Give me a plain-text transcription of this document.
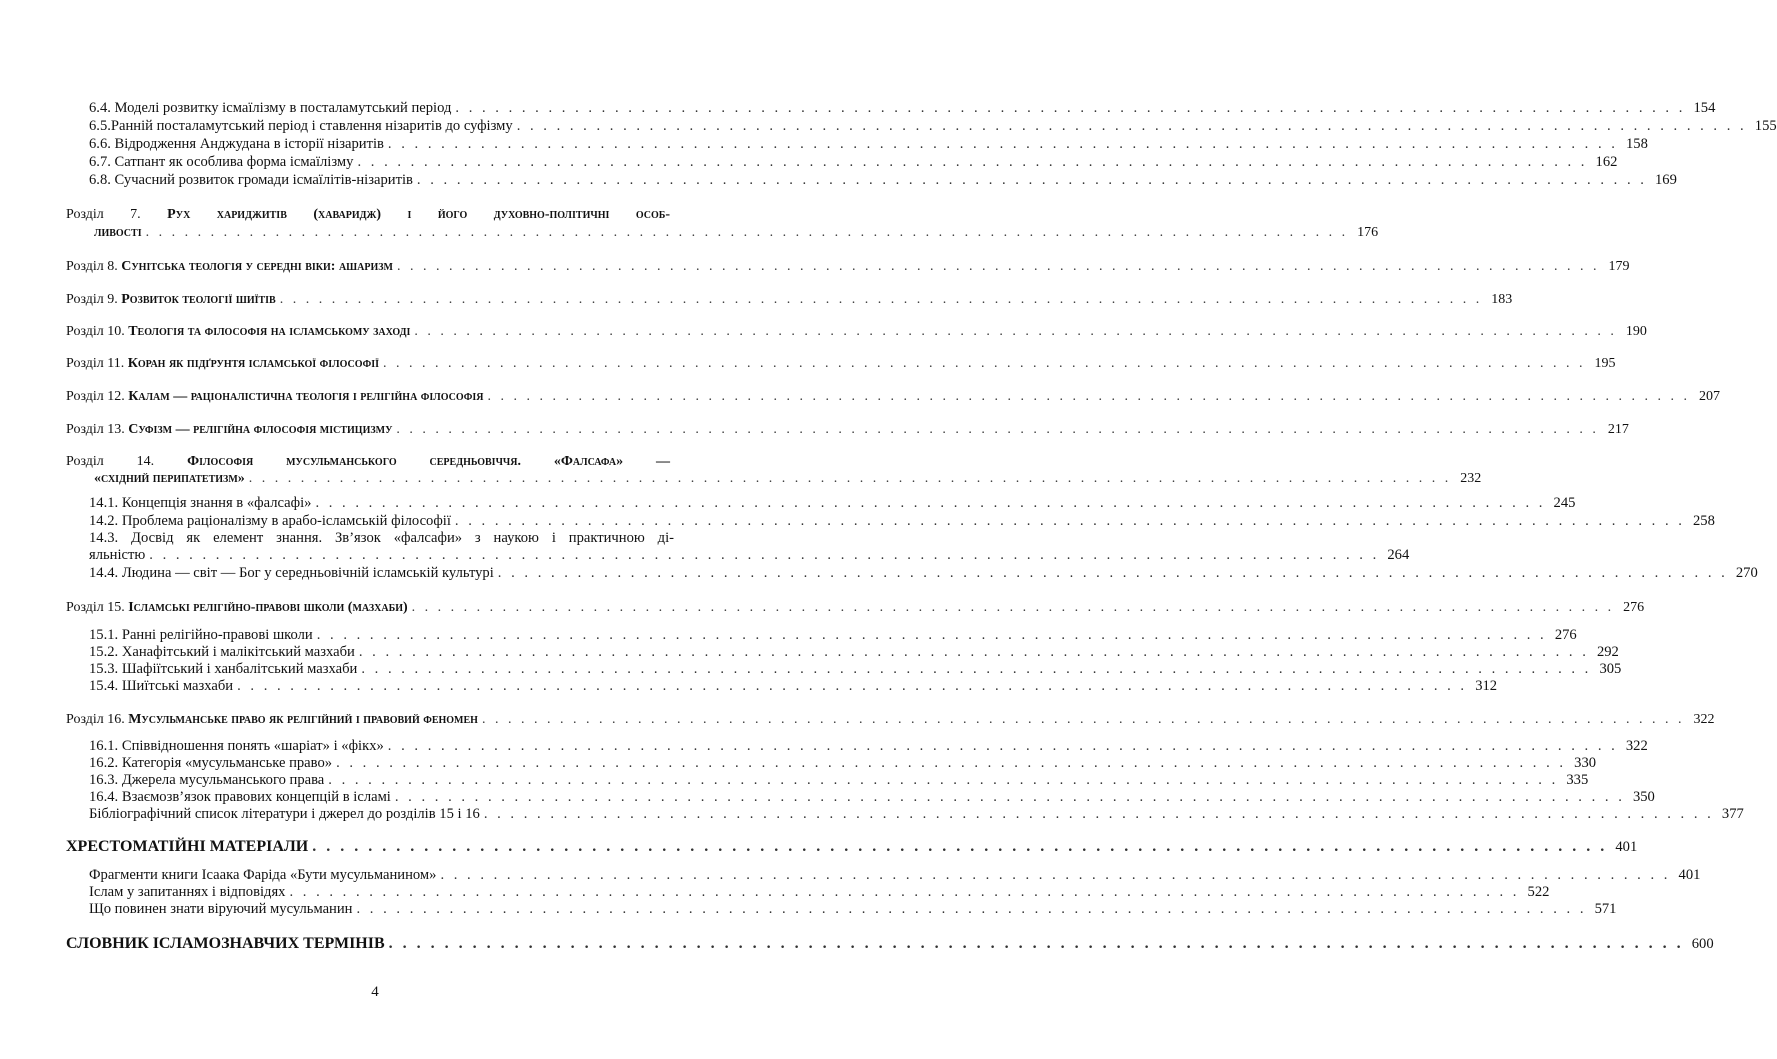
6.4. Моделі розвитку ісмаїлізму в посталамутський період . . . . . . . . . . . . . . . . . . . . . . . . . . . . . . . . . . . . . . . . . . . . . . . . . . . . . . . . . . . . . . . . . . . . . . . . . . . . . . . . . . . . . . . . . . . . . 154
6.5.Ранній посталамутський період і ставлення нізаритів до суфізму . . . . . . . . . . . . . . . . . . . . . . . . . . . . . . . . . . . . . . . . . . . . . . . . . . . . . . . . . . . . . . . . . . . . . . . . . . . . . . . . . . . . . . . . . . . . . 155
6.6. Відродження Анджудана в історії нізаритів . . . . . . . . . . . . . . . . . . . . . . . . . . . . . . . . . . . . . . . . . . . . . . . . . . . . . . . . . . . . . . . . . . . . . . . . . . . . . . . . . . . . . . . . . . . . . 158
6.7. Сатпант як особлива форма ісмаїлізму . . . . . . . . . . . . . . . . . . . . . . . . . . . . . . . . . . . . . . . . . . . . . . . . . . . . . . . . . . . . . . . . . . . . . . . . . . . . . . . . . . . . . . . . . . . . . 162
6.8. Сучасний розвиток громади ісмаїлітів-нізаритів . . . . . . . . . . . . . . . . . . . . . . . . . . . . . . . . . . . . . . . . . . . . . . . . . . . . . . . . . . . . . . . . . . . . . . . . . . . . . . . . . . . . . . . . . . . . . 169
Розділ 7. Рух хариджитів (хаваридж) і його духовно-політичні особ-
ливості . . . . . . . . . . . . . . . . . . . . . . . . . . . . . . . . . . . . . . . . . . . . . . . . . . . . . . . . . . . . . . . . . . . . . . . . . . . . . . . . . . . . . . . . . . . . . 176
Розділ 8. Сунітська теологія у середні віки: ашаризм . . . . . . . . . . . . . . . . . . . . . . . . . . . . . . . . . . . . . . . . . . . . . . . . . . . . . . . . . . . . . . . . . . . . . . . . . . . . . . . . . . . . . . . . . . . . . 179
Розділ 9. Розвиток теології шиїтів . . . . . . . . . . . . . . . . . . . . . . . . . . . . . . . . . . . . . . . . . . . . . . . . . . . . . . . . . . . . . . . . . . . . . . . . . . . . . . . . . . . . . . . . . . . . . 183
Розділ 10. Теологія та філософія на ісламському заході . . . . . . . . . . . . . . . . . . . . . . . . . . . . . . . . . . . . . . . . . . . . . . . . . . . . . . . . . . . . . . . . . . . . . . . . . . . . . . . . . . . . . . . . . . . . . 190
Розділ 11. Коран як підґрунтя ісламської філософії . . . . . . . . . . . . . . . . . . . . . . . . . . . . . . . . . . . . . . . . . . . . . . . . . . . . . . . . . . . . . . . . . . . . . . . . . . . . . . . . . . . . . . . . . . . . . 195
Розділ 12. Калам — раціоналістична теологія і релігійна філософія . . . . . . . . . . . . . . . . . . . . . . . . . . . . . . . . . . . . . . . . . . . . . . . . . . . . . . . . . . . . . . . . . . . . . . . . . . . . . . . . . . . . . . . . . . . . . 207
Розділ 13. Суфізм — релігійна філософія містицизму . . . . . . . . . . . . . . . . . . . . . . . . . . . . . . . . . . . . . . . . . . . . . . . . . . . . . . . . . . . . . . . . . . . . . . . . . . . . . . . . . . . . . . . . . . . . . 217
Розділ 14. Філософія мусульманського середньовіччя. «Фалсафа» —
«східний перипатетизм» . . . . . . . . . . . . . . . . . . . . . . . . . . . . . . . . . . . . . . . . . . . . . . . . . . . . . . . . . . . . . . . . . . . . . . . . . . . . . . . . . . . . . . . . . . . . . 232
14.1. Концепція знання в «фалсафі» . . . . . . . . . . . . . . . . . . . . . . . . . . . . . . . . . . . . . . . . . . . . . . . . . . . . . . . . . . . . . . . . . . . . . . . . . . . . . . . . . . . . . . . . . . . . . 245
14.2. Проблема раціоналізму в арабо-ісламській філософії . . . . . . . . . . . . . . . . . . . . . . . . . . . . . . . . . . . . . . . . . . . . . . . . . . . . . . . . . . . . . . . . . . . . . . . . . . . . . . . . . . . . . . . . . . . . . 258
14.3. Досвід як елемент знання. Зв’язок «фалсафи» з наукою і практичною ді-
яльністю . . . . . . . . . . . . . . . . . . . . . . . . . . . . . . . . . . . . . . . . . . . . . . . . . . . . . . . . . . . . . . . . . . . . . . . . . . . . . . . . . . . . . . . . . . . . . 264
14.4. Людина — світ — Бог у середньовічній ісламській культурі . . . . . . . . . . . . . . . . . . . . . . . . . . . . . . . . . . . . . . . . . . . . . . . . . . . . . . . . . . . . . . . . . . . . . . . . . . . . . . . . . . . . . . . . . . . . . 270
Розділ 15. Ісламські релігійно-правові школи (мазхаби) . . . . . . . . . . . . . . . . . . . . . . . . . . . . . . . . . . . . . . . . . . . . . . . . . . . . . . . . . . . . . . . . . . . . . . . . . . . . . . . . . . . . . . . . . . . . . 276
15.1. Ранні релігійно-правові школи . . . . . . . . . . . . . . . . . . . . . . . . . . . . . . . . . . . . . . . . . . . . . . . . . . . . . . . . . . . . . . . . . . . . . . . . . . . . . . . . . . . . . . . . . . . . . 276
15.2. Ханафітський і малікітський мазхаби . . . . . . . . . . . . . . . . . . . . . . . . . . . . . . . . . . . . . . . . . . . . . . . . . . . . . . . . . . . . . . . . . . . . . . . . . . . . . . . . . . . . . . . . . . . . . 292
15.3. Шафіїтський і ханбалітський мазхаби . . . . . . . . . . . . . . . . . . . . . . . . . . . . . . . . . . . . . . . . . . . . . . . . . . . . . . . . . . . . . . . . . . . . . . . . . . . . . . . . . . . . . . . . . . . . . 305
15.4. Шиїтські мазхаби . . . . . . . . . . . . . . . . . . . . . . . . . . . . . . . . . . . . . . . . . . . . . . . . . . . . . . . . . . . . . . . . . . . . . . . . . . . . . . . . . . . . . . . . . . . . . 312
Розділ 16. Мусульманське право як релігійний і правовий феномен . . . . . . . . . . . . . . . . . . . . . . . . . . . . . . . . . . . . . . . . . . . . . . . . . . . . . . . . . . . . . . . . . . . . . . . . . . . . . . . . . . . . . . . . . . . . . 322
16.1. Співвідношення понять «шаріат» і «фікх» . . . . . . . . . . . . . . . . . . . . . . . . . . . . . . . . . . . . . . . . . . . . . . . . . . . . . . . . . . . . . . . . . . . . . . . . . . . . . . . . . . . . . . . . . . . . . 322
16.2. Категорія «мусульманське право» . . . . . . . . . . . . . . . . . . . . . . . . . . . . . . . . . . . . . . . . . . . . . . . . . . . . . . . . . . . . . . . . . . . . . . . . . . . . . . . . . . . . . . . . . . . . . 330
16.3. Джерела мусульманського права . . . . . . . . . . . . . . . . . . . . . . . . . . . . . . . . . . . . . . . . . . . . . . . . . . . . . . . . . . . . . . . . . . . . . . . . . . . . . . . . . . . . . . . . . . . . . 335
16.4. Взаємозв’язок правових концепцій в ісламі . . . . . . . . . . . . . . . . . . . . . . . . . . . . . . . . . . . . . . . . . . . . . . . . . . . . . . . . . . . . . . . . . . . . . . . . . . . . . . . . . . . . . . . . . . . . . 350
Бібліографічний список літератури і джерел до розділів 15 і 16 . . . . . . . . . . . . . . . . . . . . . . . . . . . . . . . . . . . . . . . . . . . . . . . . . . . . . . . . . . . . . . . . . . . . . . . . . . . . . . . . . . . . . . . . . . . . . 377
ХРЕСТОМАТІЙНІ МАТЕРІАЛИ . . . . . . . . . . . . . . . . . . . . . . . . . . . . . . . . . . . . . . . . . . . . . . . . . . . . . . . . . . . . . . . . . . . . . . . . . . . . . . . . . . . . . . . . . . . . . 401
Фрагменти книги Ісаака Фаріда «Бути мусульманином» . . . . . . . . . . . . . . . . . . . . . . . . . . . . . . . . . . . . . . . . . . . . . . . . . . . . . . . . . . . . . . . . . . . . . . . . . . . . . . . . . . . . . . . . . . . . . 401
Іслам у запитаннях і відповідях . . . . . . . . . . . . . . . . . . . . . . . . . . . . . . . . . . . . . . . . . . . . . . . . . . . . . . . . . . . . . . . . . . . . . . . . . . . . . . . . . . . . . . . . . . . . . 522
Що повинен знати віруючий мусульманин . . . . . . . . . . . . . . . . . . . . . . . . . . . . . . . . . . . . . . . . . . . . . . . . . . . . . . . . . . . . . . . . . . . . . . . . . . . . . . . . . . . . . . . . . . . . . 571
СЛОВНИК ІСЛАМОЗНАВЧИХ ТЕРМІНІВ . . . . . . . . . . . . . . . . . . . . . . . . . . . . . . . . . . . . . . . . . . . . . . . . . . . . . . . . . . . . . . . . . . . . . . . . . . . . . . . . . . . . . . . . . . . . . 600
4
